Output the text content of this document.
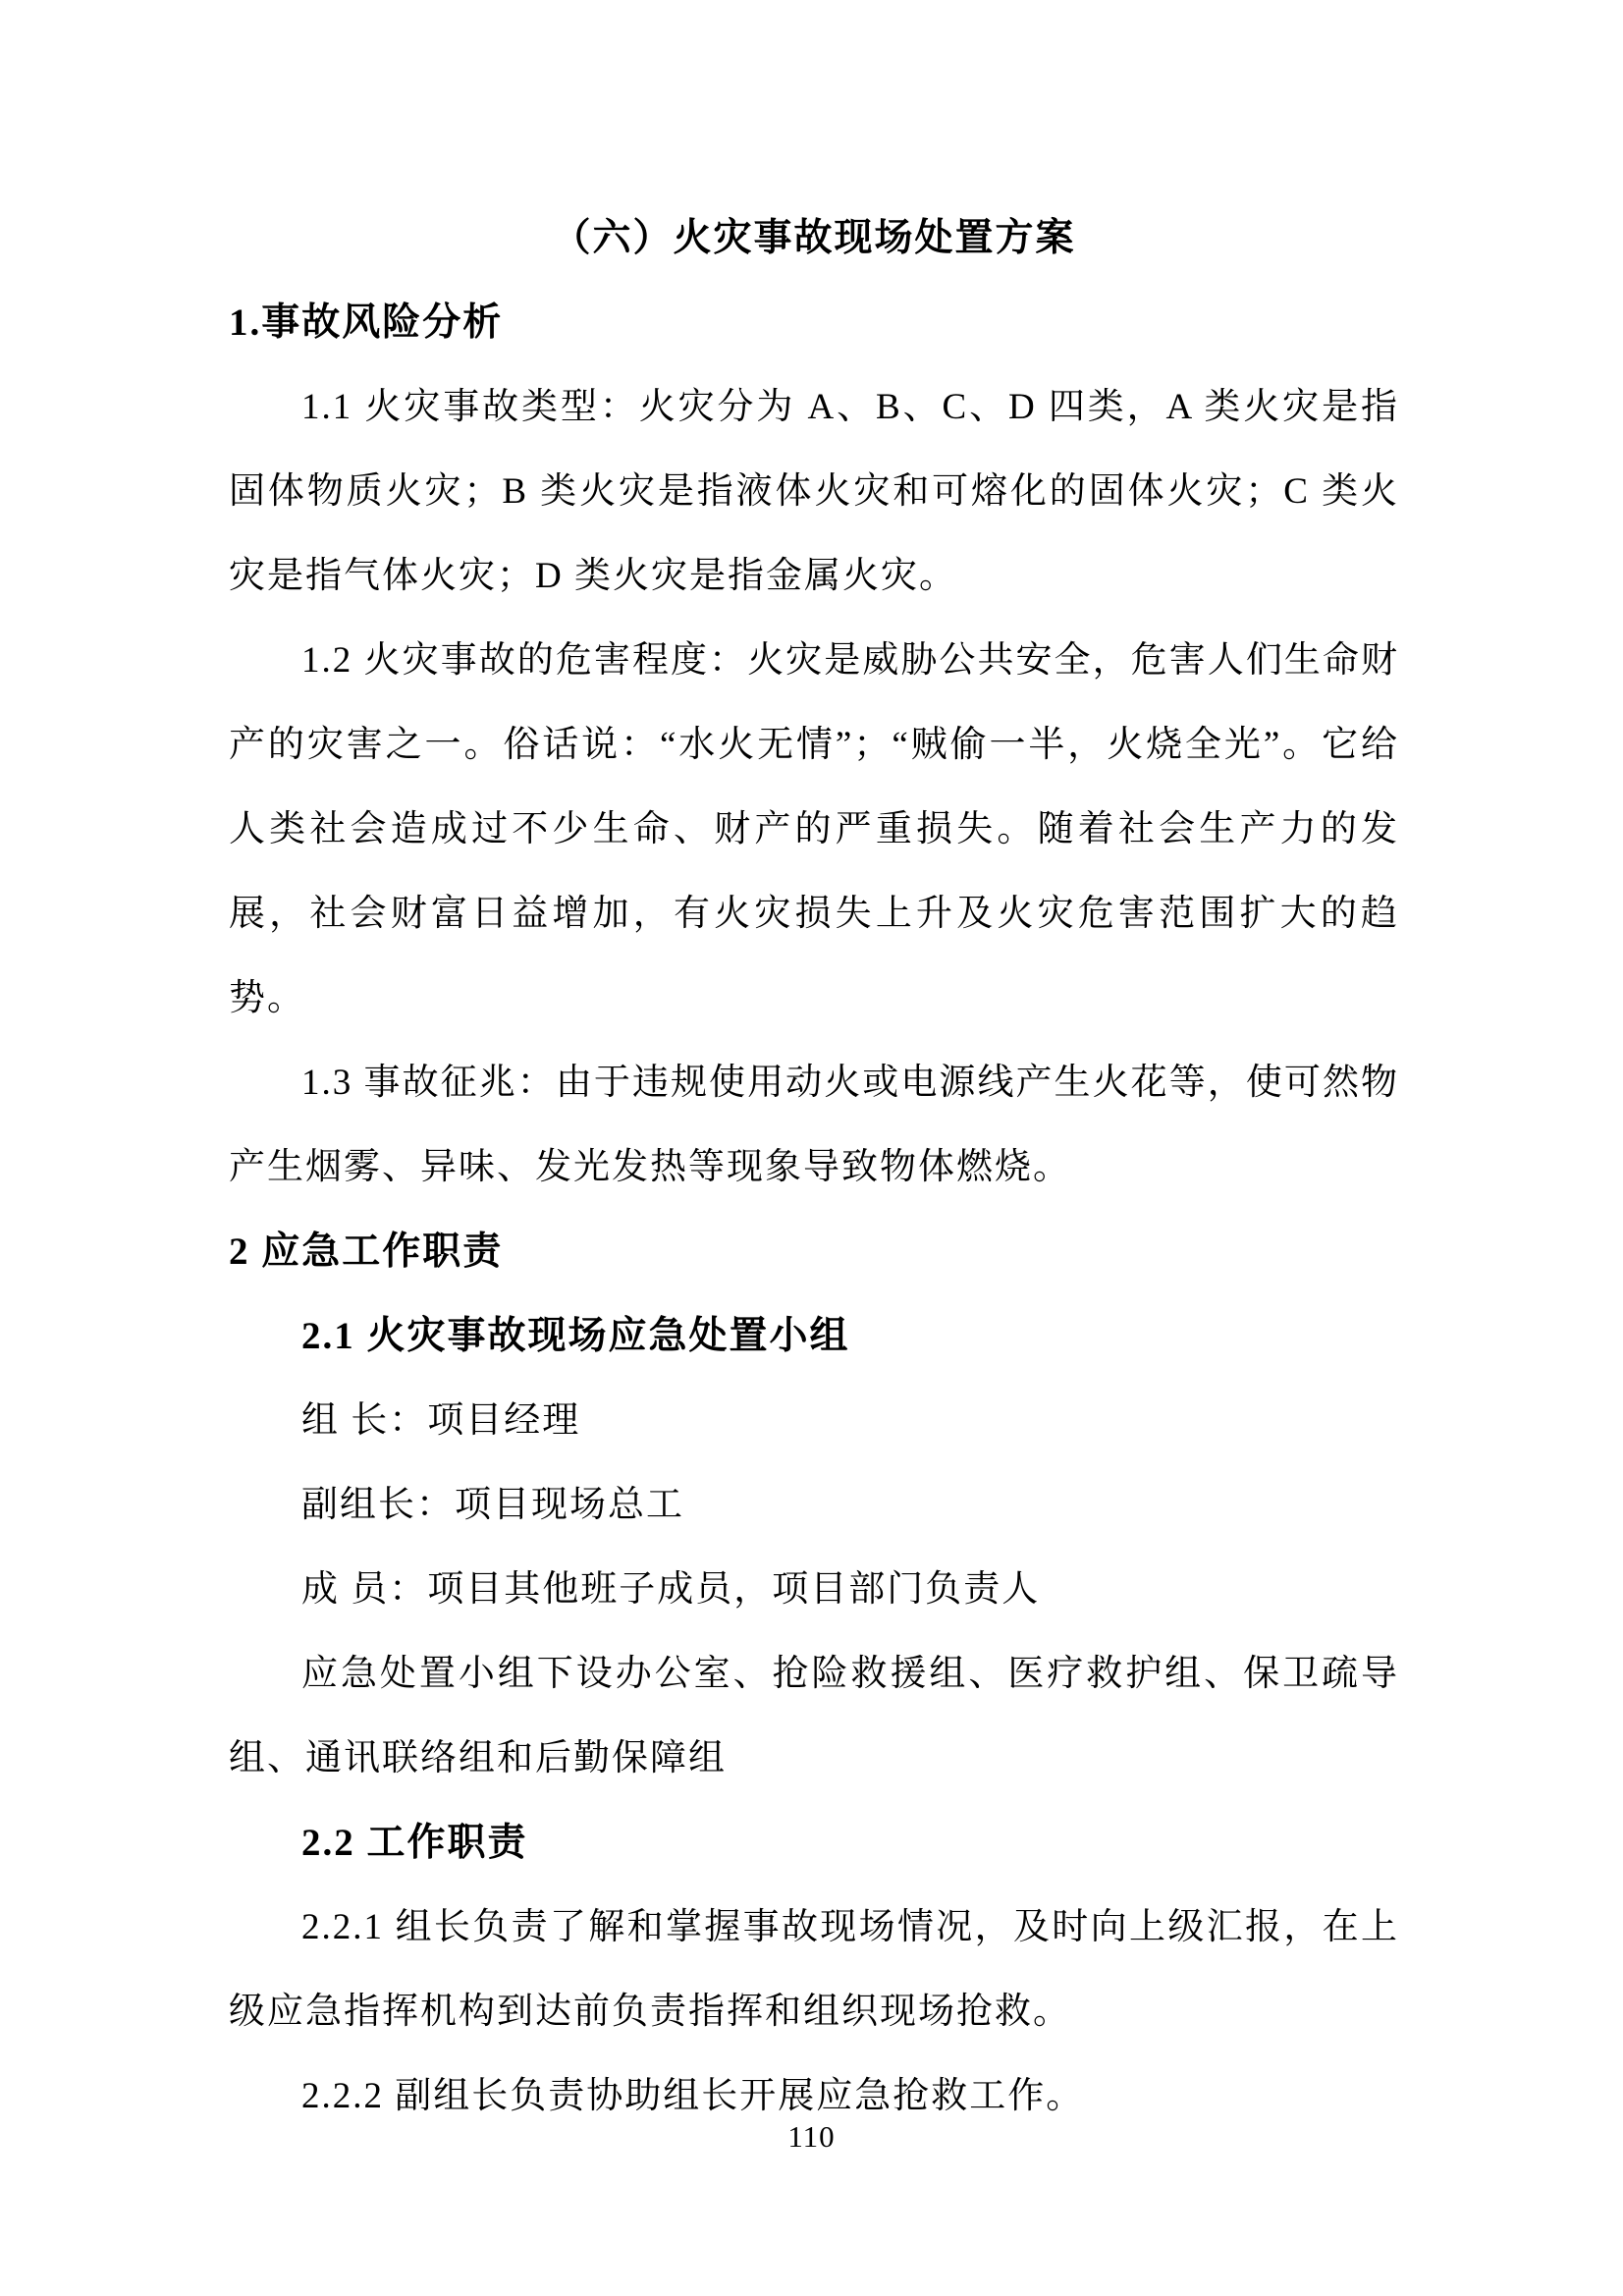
（六）火灾事故现场处置方案
1.事故风险分析
1.1 火灾事故类型：火灾分为 A、B、C、D 四类，A 类火灾是指固体物质火灾；B 类火灾是指液体火灾和可熔化的固体火灾；C 类火灾是指气体火灾；D 类火灾是指金属火灾。
1.2 火灾事故的危害程度：火灾是威胁公共安全，危害人们生命财产的灾害之一。俗话说：“水火无情”；“贼偷一半，火烧全光”。它给人类社会造成过不少生命、财产的严重损失。随着社会生产力的发展，社会财富日益增加，有火灾损失上升及火灾危害范围扩大的趋势。
1.3 事故征兆：由于违规使用动火或电源线产生火花等，使可然物产生烟雾、异味、发光发热等现象导致物体燃烧。
2 应急工作职责
2.1 火灾事故现场应急处置小组
组 长：项目经理
副组长：项目现场总工
成 员：项目其他班子成员，项目部门负责人
应急处置小组下设办公室、抢险救援组、医疗救护组、保卫疏导组、通讯联络组和后勤保障组
2.2 工作职责
2.2.1 组长负责了解和掌握事故现场情况，及时向上级汇报，在上级应急指挥机构到达前负责指挥和组织现场抢救。
2.2.2 副组长负责协助组长开展应急抢救工作。
110
